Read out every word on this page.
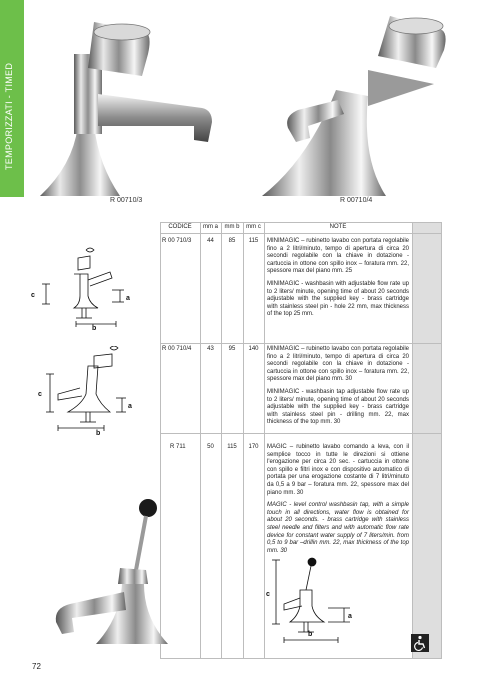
TEMPORIZZATI - TIMED
R 00710/3	R 00710/4
CODICE	mm a	mm b	mm c	NOTE
R 00 710/3	44	85	115	MINIMAGIC – rubinetto lavabo con portata regolabile fino a 2 litri/minuto, tempo di apertura di circa 20 secondi regolabile con la chiave in dotazione - cartuccia in ottone con spillo inox – foratura mm. 22, spessore max del piano mm. 25

MINIMAGIC - washbasin with adjustable flow rate up to 2 liters/ minute, opening time of about 20 seconds adjustable with the supplied key - brass cartridge with stainless steel pin - hole 22 mm, max thickness of the top 25 mm.

R 00 710/4	43	95	140	MINIMAGIC – rubinetto lavabo con portata regolabile fino a 2 litri/minuto, tempo di apertura di circa 20 secondi regolabile con la chiave in dotazione - cartuccia in ottone con spillo inox – foratura mm. 22, spessore max del piano mm. 30

MINIMAGIC - washbasin tap adjustable flow rate up to 2 liters/ minute, opening time of about 20 seconds adjustable with the supplied key - brass cartridge with stainless steel pin - drilling mm. 22, max thickness of the top mm. 30

R 711	50	115	170	MAGIC – rubinetto lavabo comando a leva, con il semplice tocco in tutte le direzioni si ottiene l'erogazione per circa 20 sec. - cartuccia in ottone con spillo e filtri inox e con dispositivo automatico di portata per una erogazione costante di 7 litri/minuto da 0,5 a 9 bar – foratura mm. 22, spessore max del piano mm. 30

MAGIC - level control washbasin tap, with a simple touch in all directions, water flow is obtained for about 20 seconds. - brass cartridge with stainless steel needle and filters and with automatic flow rate device for constant water supply of 7 liters/min. from 0,5 to 9 bar –drillin mm. 22, max thickness of the top mm. 30

c	a
b
c
a
b
c
a
b
72
